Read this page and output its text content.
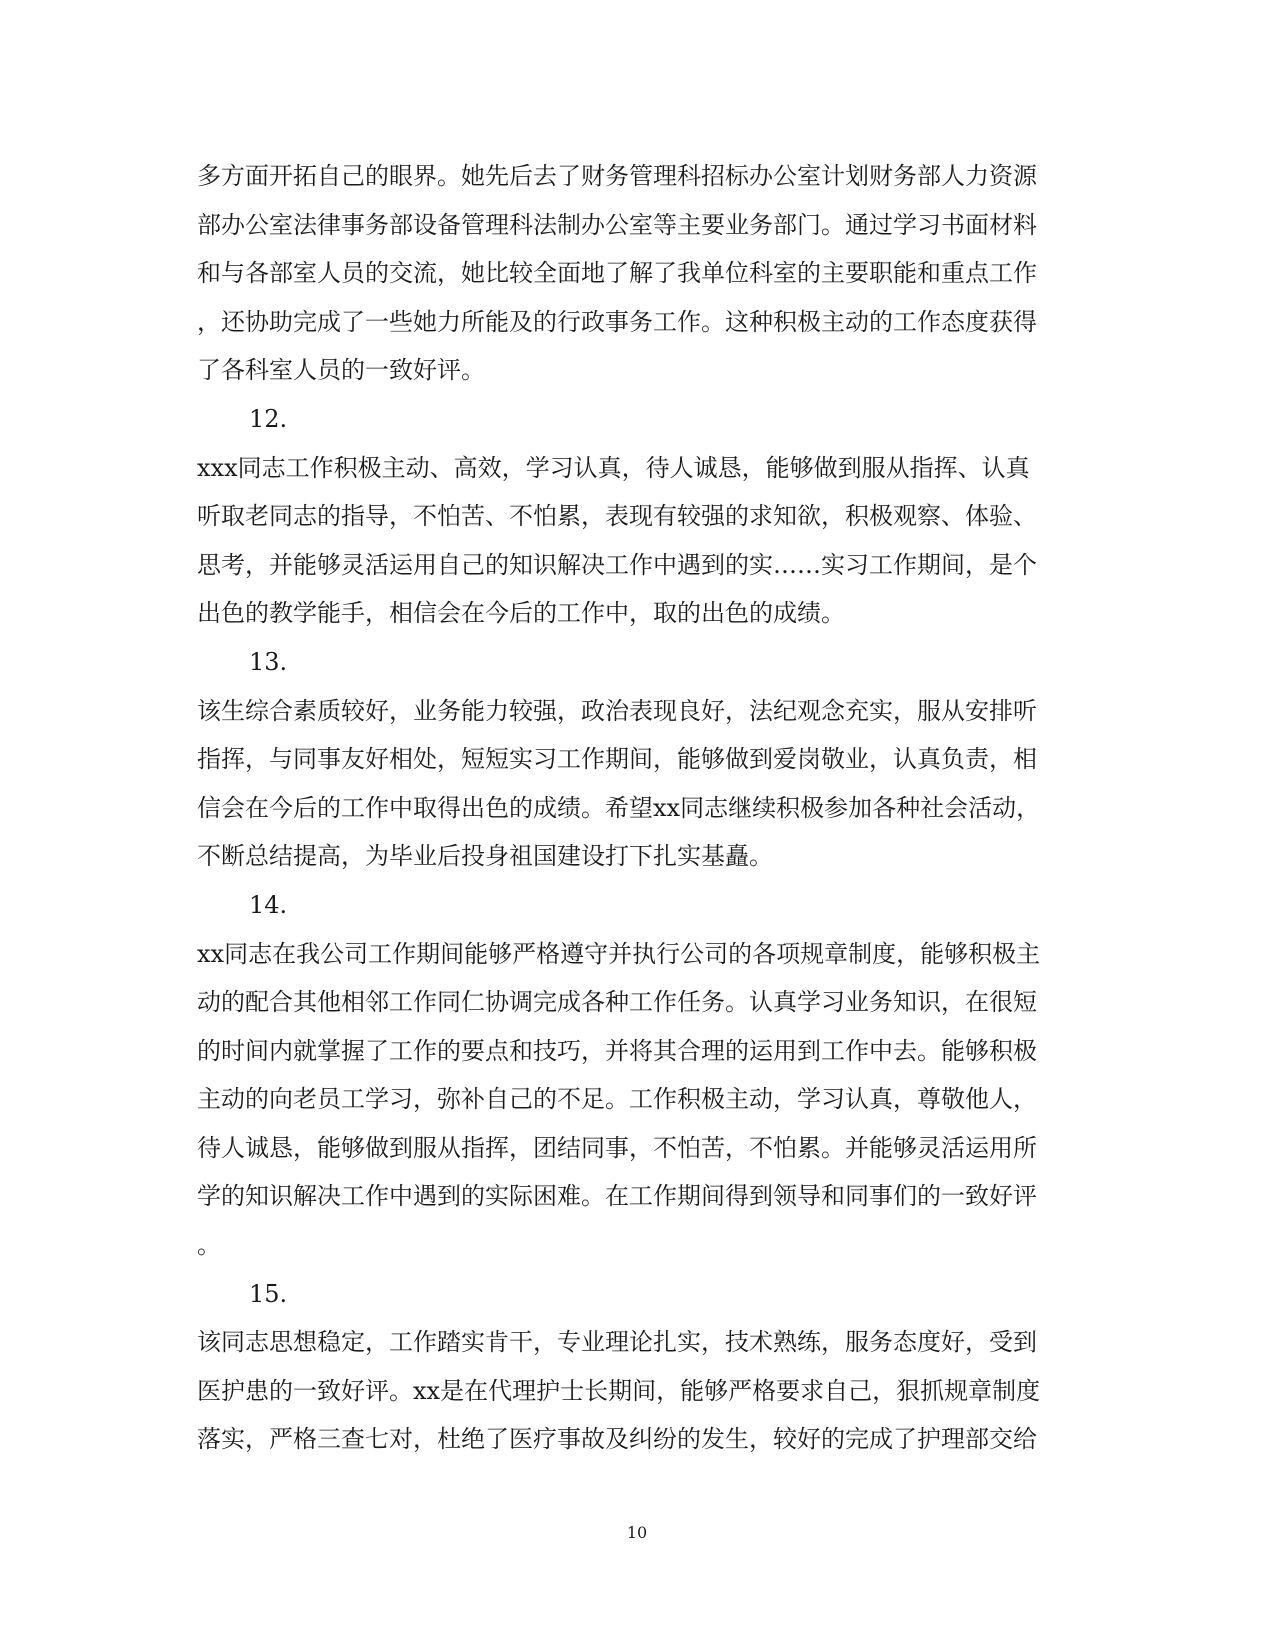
多方面开拓自己的眼界。她先后去了财务管理科招标办公室计划财务部人力资源
部办公室法律事务部设备管理科法制办公室等主要业务部门。通过学习书面材料
和与各部室人员的交流，她比较全面地了解了我单位科室的主要职能和重点工作
，还协助完成了一些她力所能及的行政事务工作。这种积极主动的工作态度获得
了各科室人员的一致好评。
12.
xxx同志工作积极主动、高效，学习认真，待人诚恳，能够做到服从指挥、认真
听取老同志的指导，不怕苦、不怕累，表现有较强的求知欲，积极观察、体验、
思考，并能够灵活运用自己的知识解决工作中遇到的实……实习工作期间，是个
出色的教学能手，相信会在今后的工作中，取的出色的成绩。
13.
该生综合素质较好，业务能力较强，政治表现良好，法纪观念充实，服从安排听
指挥，与同事友好相处，短短实习工作期间，能够做到爱岗敬业，认真负责，相
信会在今后的工作中取得出色的成绩。希望xx同志继续积极参加各种社会活动，
不断总结提高，为毕业后投身祖国建设打下扎实基矗。
14.
xx同志在我公司工作期间能够严格遵守并执行公司的各项规章制度，能够积极主
动的配合其他相邻工作同仁协调完成各种工作任务。认真学习业务知识，在很短
的时间内就掌握了工作的要点和技巧，并将其合理的运用到工作中去。能够积极
主动的向老员工学习，弥补自己的不足。工作积极主动，学习认真，尊敬他人，
待人诚恳，能够做到服从指挥，团结同事，不怕苦，不怕累。并能够灵活运用所
学的知识解决工作中遇到的实际困难。在工作期间得到领导和同事们的一致好评
。
15.
该同志思想稳定，工作踏实肯干，专业理论扎实，技术熟练，服务态度好，受到
医护患的一致好评。xx是在代理护士长期间，能够严格要求自己，狠抓规章制度
落实，严格三查七对，杜绝了医疗事故及纠纷的发生，较好的完成了护理部交给
10
